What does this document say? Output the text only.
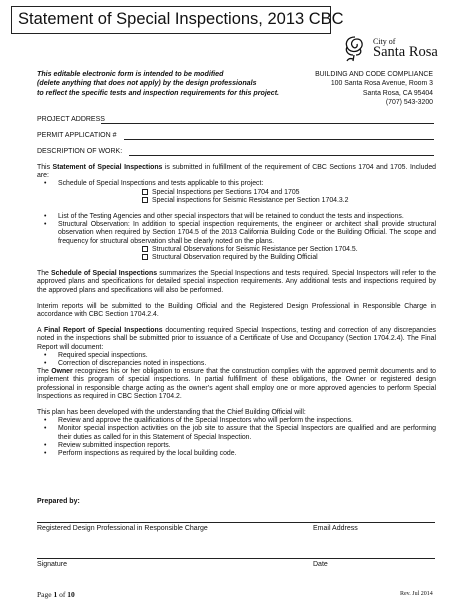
Statement of Special Inspections, 2013 CBC
City of
Santa Rosa
This editable electronic form is intended to be modified
(delete anything that does not apply) by the design professionals
to reflect the specific tests and inspection requirements for this project.
BUILDING AND CODE COMPLIANCE
100 Santa Rosa Avenue, Room 3
Santa Rosa, CA 95404
(707) 543-3200
PROJECT ADDRESS
PERMIT APPLICATION #
DESCRIPTION OF WORK:

This Statement of Special Inspections is submitted in fulfillment of the requirement of CBC Sections 1704 and 1705. Included are:

• Schedule of Special Inspections and tests applicable to this project:
Special Inspections per Sections 1704 and 1705
Special inspections for Seismic Resistance per Section 1704.3.2
• List of the Testing Agencies and other special inspectors that will be retained to conduct the tests and inspections.
• Structural Observation: In addition to special inspection requirements, the engineer or architect shall provide structural observation when required by Section 1704.5 of the 2013 California Building Code or the Building Official. The scope and frequency for structural observation shall be clearly noted on the plans.
Structural Observations for Seismic Resistance per Section 1704.5.
Structural Observation required by the Building Official

The Schedule of Special Inspections summarizes the Special Inspections and tests required. Special Inspectors will refer to the approved plans and specifications for detailed special inspection requirements. Any additional tests and inspections required by the approved plans and specifications will also be performed.

Interim reports will be submitted to the Building Official and the Registered Design Professional in Responsible Charge in accordance with CBC Section 1704.2.4.

A Final Report of Special Inspections documenting required Special Inspections, testing and correction of any discrepancies noted in the inspections shall be submitted prior to issuance of a Certificate of Use and Occupancy (Section 1704.2.4). The Final Report will document:

• Required special inspections.
• Correction of discrepancies noted in inspections.

The Owner recognizes his or her obligation to ensure that the construction complies with the approved permit documents and to implement this program of special inspections. In partial fulfillment of these obligations, the Owner or registered design professional in responsible charge acting as the owner’s agent shall employ one or more approved agencies to perform Special Inspections as required in CBC Section 1704.2.

This plan has been developed with the understanding that the Chief Building Official will:

• Review and approve the qualifications of the Special Inspectors who will perform the inspections.
• Monitor special inspection activities on the job site to assure that the Special Inspectors are qualified and are performing their duties as called for in this Statement of Special Inspection.
• Review submitted inspection reports.
• Perform inspections as required by the local building code.
Prepared by:
Registered Design Professional in Responsible Charge	Email Address
Signature	Date
Page 1 of 10	Rev. Jul 2014
